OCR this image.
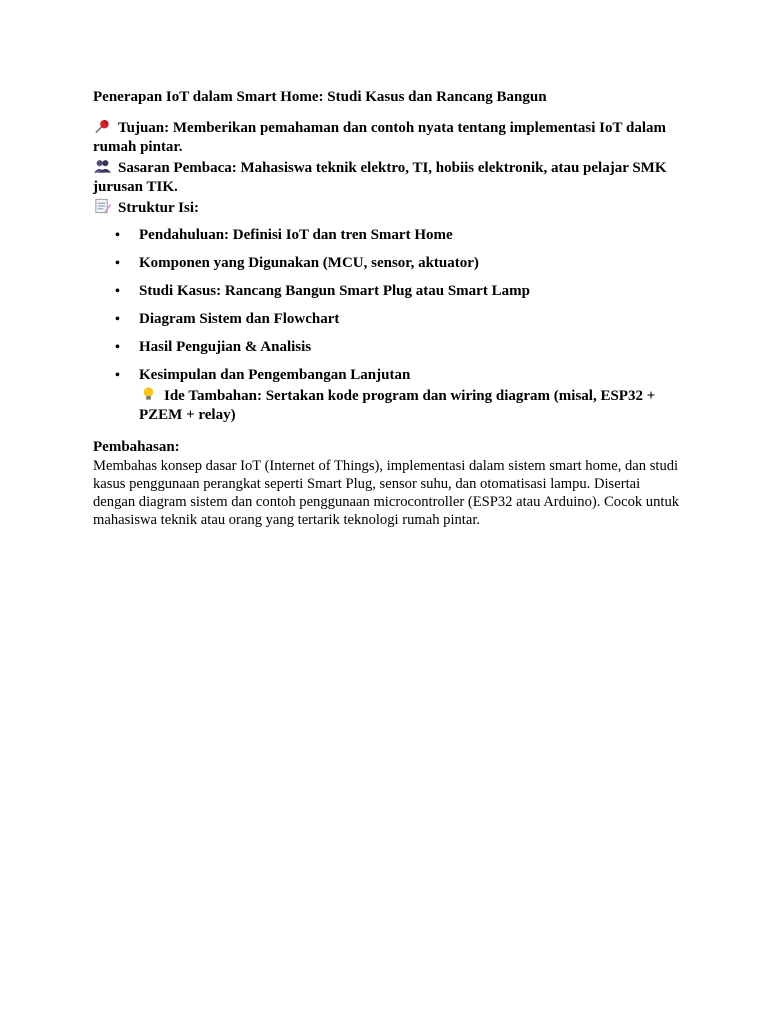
Penerapan IoT dalam Smart Home: Studi Kasus dan Rancang Bangun

Tujuan: Memberikan pemahaman dan contoh nyata tentang implementasi IoT dalam rumah pintar.

Sasaran Pembaca: Mahasiswa teknik elektro, TI, hobiis elektronik, atau pelajar SMK jurusan TIK.

Struktur Isi:

• Pendahuluan: Definisi IoT dan tren Smart Home
• Komponen yang Digunakan (MCU, sensor, aktuator)
• Studi Kasus: Rancang Bangun Smart Plug atau Smart Lamp
• Diagram Sistem dan Flowchart
• Hasil Pengujian & Analisis
• Kesimpulan dan Pengembangan Lanjutan
Ide Tambahan: Sertakan kode program dan wiring diagram (misal, ESP32 + PZEM + relay)

Pembahasan:

Membahas konsep dasar IoT (Internet of Things), implementasi dalam sistem smart home, dan studi kasus penggunaan perangkat seperti Smart Plug, sensor suhu, dan otomatisasi lampu. Disertai dengan diagram sistem dan contoh penggunaan microcontroller (ESP32 atau Arduino). Cocok untuk mahasiswa teknik atau orang yang tertarik teknologi rumah pintar.
